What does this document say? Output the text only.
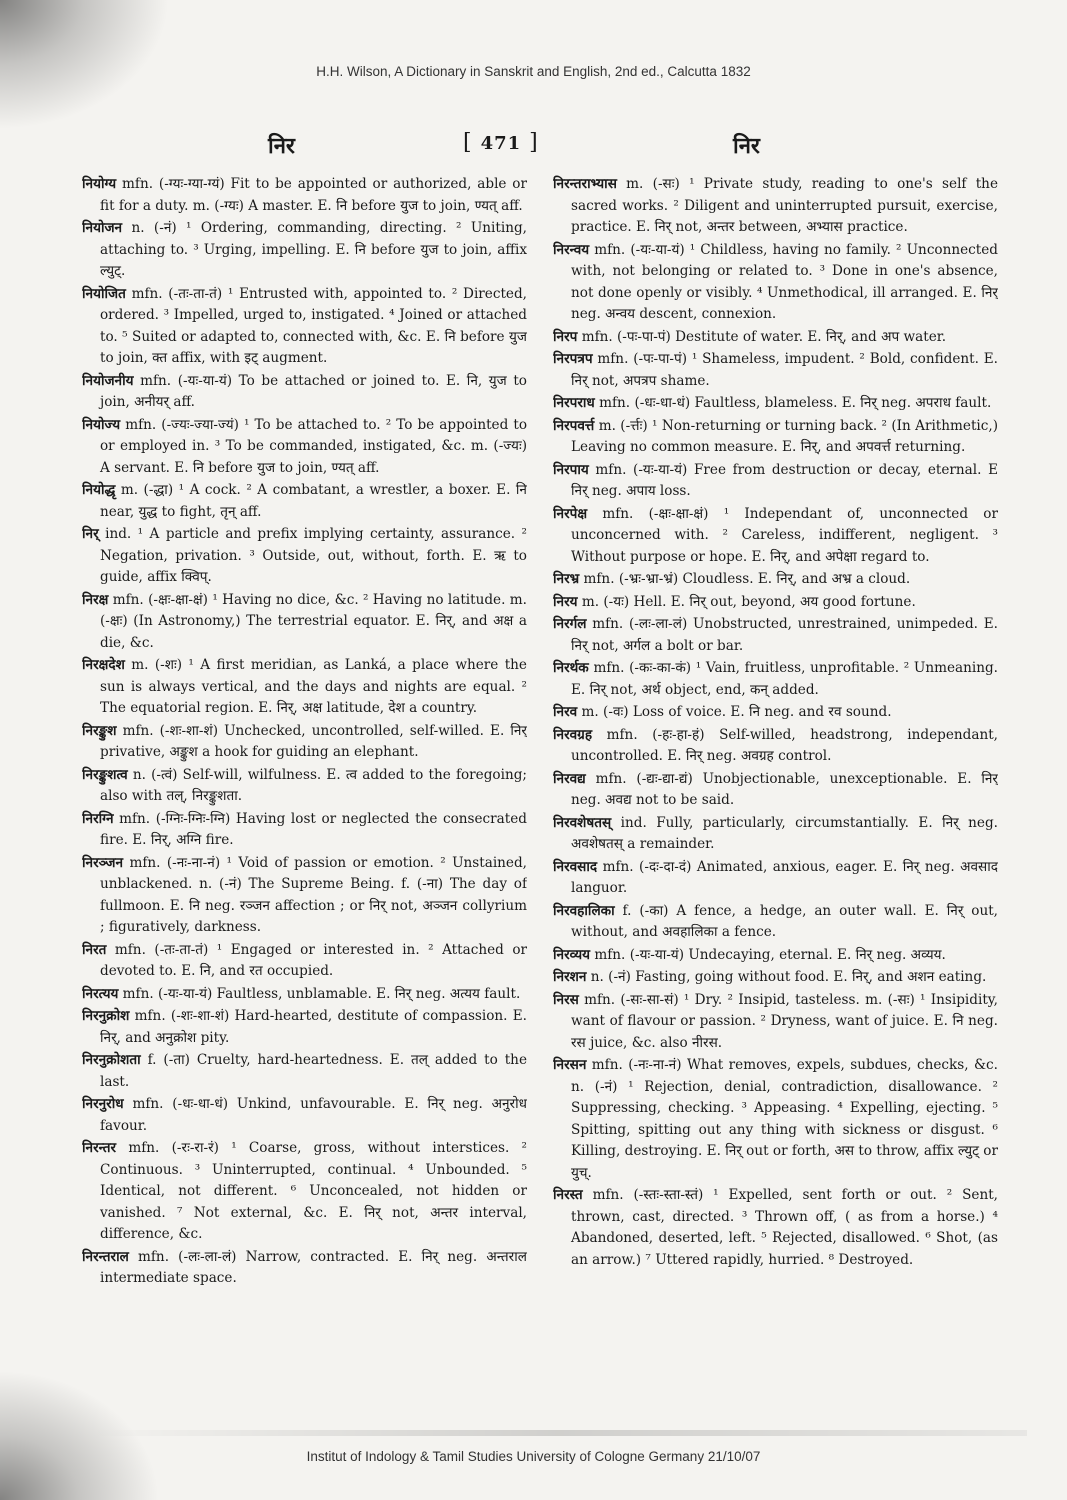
H.H. Wilson, A Dictionary in Sanskrit and English, 2nd ed., Calcutta 1832
निर	[ 471 ]	निर

नियोग्य mfn. (-ग्यः-ग्या-ग्यं) Fit to be appointed or authorized, able or fit for a duty. m. (-ग्यः) A master. E. नि before युज to join, ण्यत् aff.

नियोजन n. (-नं) ¹ Ordering, commanding, directing. ² Uniting, attaching to. ³ Urging, impelling. E. नि before युज to join, affix ल्युट्.

नियोजित mfn. (-तः-ता-तं) ¹ Entrusted with, appointed to. ² Directed, ordered. ³ Impelled, urged to, instigated. ⁴ Joined or attached to. ⁵ Suited or adapted to, connected with, &c. E. नि before युज to join, क्त affix, with इट् augment.

नियोजनीय mfn. (-यः-या-यं) To be attached or joined to. E. नि, युज to join, अनीयर् aff.

नियोज्य mfn. (-ज्यः-ज्या-ज्यं) ¹ To be attached to. ² To be appointed to or employed in. ³ To be commanded, instigated, &c. m. (-ज्यः) A servant. E. नि before युज to join, ण्यत् aff.

नियोद्धृ m. (-द्धा) ¹ A cock. ² A combatant, a wrestler, a boxer. E. नि near, युद्ध to fight, तृन् aff.

निर् ind. ¹ A particle and prefix implying certainty, assurance. ² Negation, privation. ³ Outside, out, without, forth. E. ऋ to guide, affix क्विप्.

निरक्ष mfn. (-क्षः-क्षा-क्षं) ¹ Having no dice, &c. ² Having no latitude. m. (-क्षः) (In Astronomy,) The terrestrial equator. E. निर्, and अक्ष a die, &c.

निरक्षदेश m. (-शः) ¹ A first meridian, as Lanká, a place where the sun is always vertical, and the days and nights are equal. ² The equatorial region. E. निर्, अक्ष latitude, देश a country.

निरङ्कुश mfn. (-शः-शा-शं) Unchecked, uncontrolled, self-willed. E. निर् privative, अङ्कुश a hook for guiding an elephant.

निरङ्कुशत्व n. (-त्वं) Self-will, wilfulness. E. त्व added to the foregoing; also with तल्, निरङ्कुशता.

निरग्नि mfn. (-ग्निः-ग्निः-ग्नि) Having lost or neglected the consecrated fire. E. निर्, अग्नि fire.

निरञ्जन mfn. (-नः-ना-नं) ¹ Void of passion or emotion. ² Unstained, unblackened. n. (-नं) The Supreme Being. f. (-ना) The day of fullmoon. E. नि neg. रञ्जन affection ; or निर् not, अञ्जन collyrium ; figuratively, darkness.

निरत mfn. (-तः-ता-तं) ¹ Engaged or interested in. ² Attached or devoted to. E. नि, and रत occupied.

निरत्यय mfn. (-यः-या-यं) Faultless, unblamable. E. निर् neg. अत्यय fault.

निरनुक्रोश mfn. (-शः-शा-शं) Hard-hearted, destitute of compassion. E. निर्, and अनुक्रोश pity.

निरनुक्रोशता f. (-ता) Cruelty, hard-heartedness. E. तल् added to the last.

निरनुरोध mfn. (-धः-धा-धं) Unkind, unfavourable. E. निर् neg. अनुरोध favour.

निरन्तर mfn. (-रः-रा-रं) ¹ Coarse, gross, without interstices. ² Continuous. ³ Uninterrupted, continual. ⁴ Unbounded. ⁵ Identical, not different. ⁶ Unconcealed, not hidden or vanished. ⁷ Not external, &c. E. निर् not, अन्तर interval, difference, &c.

निरन्तराल mfn. (-लः-ला-लं) Narrow, contracted. E. निर् neg. अन्तराल intermediate space.

निरन्तराभ्यास m. (-सः) ¹ Private study, reading to one's self the sacred works. ² Diligent and uninterrupted pursuit, exercise, practice. E. निर् not, अन्तर between, अभ्यास practice.

निरन्वय mfn. (-यः-या-यं) ¹ Childless, having no family. ² Unconnected with, not belonging or related to. ³ Done in one's absence, not done openly or visibly. ⁴ Unmethodical, ill arranged. E. निर् neg. अन्वय descent, connexion.

निरप mfn. (-पः-पा-पं) Destitute of water. E. निर्, and अप water.

निरपत्रप mfn. (-पः-पा-पं) ¹ Shameless, impudent. ² Bold, confident. E. निर् not, अपत्रप shame.

निरपराध mfn. (-धः-धा-धं) Faultless, blameless. E. निर् neg. अपराध fault.

निरपवर्त्त m. (-र्त्तः) ¹ Non-returning or turning back. ² (In Arithmetic,) Leaving no common measure. E. निर्, and अपवर्त्त returning.

निरपाय mfn. (-यः-या-यं) Free from destruction or decay, eternal. E निर् neg. अपाय loss.

निरपेक्ष mfn. (-क्षः-क्षा-क्षं) ¹ Independant of, unconnected or unconcerned with. ² Careless, indifferent, negligent. ³ Without purpose or hope. E. निर्, and अपेक्षा regard to.

निरभ्र mfn. (-भ्रः-भ्रा-भ्रं) Cloudless. E. निर्, and अभ्र a cloud.

निरय m. (-यः) Hell. E. निर् out, beyond, अय good fortune.

निरर्गल mfn. (-लः-ला-लं) Unobstructed, unrestrained, unimpeded. E. निर् not, अर्गल a bolt or bar.

निरर्थक mfn. (-कः-का-कं) ¹ Vain, fruitless, unprofitable. ² Unmeaning. E. निर् not, अर्थ object, end, कन् added.

निरव m. (-वः) Loss of voice. E. नि neg. and रव sound.

निरवग्रह mfn. (-हः-हा-हं) Self-willed, headstrong, independant, uncontrolled. E. निर् neg. अवग्रह control.

निरवद्य mfn. (-द्यः-द्या-द्यं) Unobjectionable, unexceptionable. E. निर् neg. अवद्य not to be said.

निरवशेषतस् ind. Fully, particularly, circumstantially. E. निर् neg. अवशेषतस् a remainder.

निरवसाद mfn. (-दः-दा-दं) Animated, anxious, eager. E. निर् neg. अवसाद languor.

निरवहालिका f. (-का) A fence, a hedge, an outer wall. E. निर् out, without, and अवहालिका a fence.

निरव्यय mfn. (-यः-या-यं) Undecaying, eternal. E. निर् neg. अव्यय.

निरशन n. (-नं) Fasting, going without food. E. निर्, and अशन eating.

निरस mfn. (-सः-सा-सं) ¹ Dry. ² Insipid, tasteless. m. (-सः) ¹ Insipidity, want of flavour or passion. ² Dryness, want of juice. E. नि neg. रस juice, &c. also नीरस.

निरसन mfn. (-नः-ना-नं) What removes, expels, subdues, checks, &c. n. (-नं) ¹ Rejection, denial, contradiction, disallowance. ² Suppressing, checking. ³ Appeasing. ⁴ Expelling, ejecting. ⁵ Spitting, spitting out any thing with sickness or disgust. ⁶ Killing, destroying. E. निर् out or forth, अस to throw, affix ल्युट् or युच्.

निरस्त mfn. (-स्तः-स्ता-स्तं) ¹ Expelled, sent forth or out. ² Sent, thrown, cast, directed. ³ Thrown off, ( as from a horse.) ⁴ Abandoned, deserted, left. ⁵ Rejected, disallowed. ⁶ Shot, (as an arrow.) ⁷ Uttered rapidly, hurried. ⁸ Destroyed.

Institut of Indology & Tamil Studies University of Cologne Germany 21/10/07
